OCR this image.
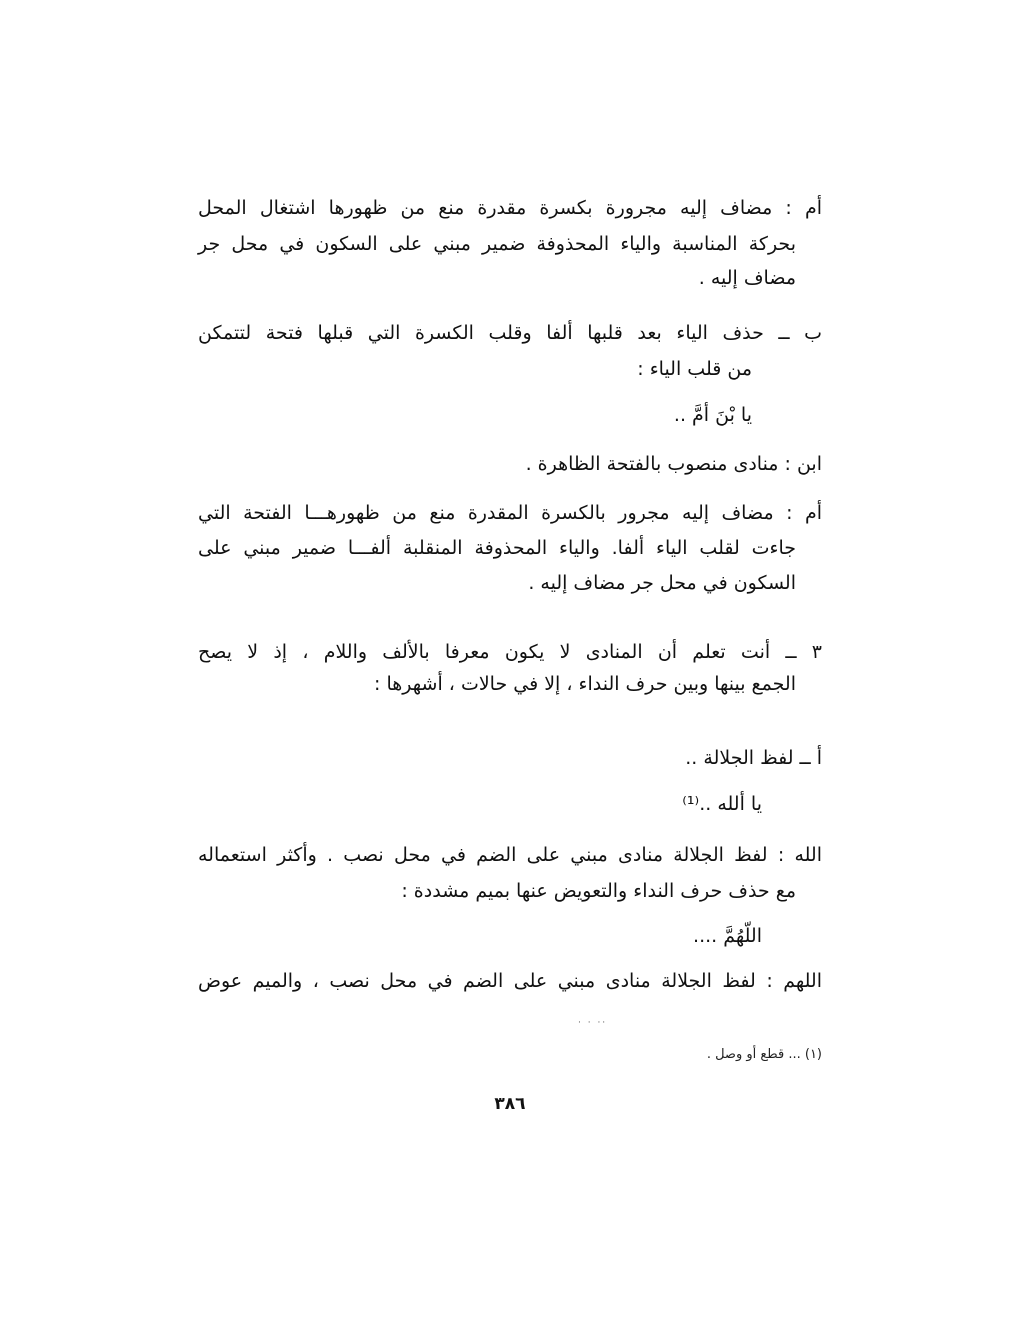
أم : مضاف إليه مجرورة بكسرة مقدرة منع من ظهورها اشتغال المحل
بحركة المناسبة والياء المحذوفة ضمير مبني على السكون في محل جر
مضاف إليه .
ب ــ حذف الياء بعد قلبها ألفا وقلب الكسرة التي قبلها فتحة لتتمكن
من قلب الياء :
يا بْنَ أمَّ ..
ابن : منادى منصوب بالفتحة الظاهرة .
أم : مضاف إليه مجرور بالكسرة المقدرة منع من ظهورهـــا الفتحة التي
جاءت لقلب الياء ألفا. والياء المحذوفة المنقلبة ألفـــا ضمير مبني على
السكون في محل جر مضاف إليه .
٣ ــ أنت تعلم أن المنادى لا يكون معرفا بالألف واللام ، إذ لا يصح
الجمع بينها وبين حرف النداء ، إلا في حالات ، أشهرها :
أ ــ لفظ الجلالة ..
يا ألله ..⁽¹⁾
الله : لفظ الجلالة منادى مبني على الضم في محل نصب . وأكثر استعماله
مع حذف حرف النداء والتعويض عنها بميم مشددة :
اللّهُمَّ ....
اللهم : لفظ الجلالة منادى مبني على الضم في محل نصب ، والميم عوض
· · ··
(١) ... قطع أو وصل .
٣٨٦
